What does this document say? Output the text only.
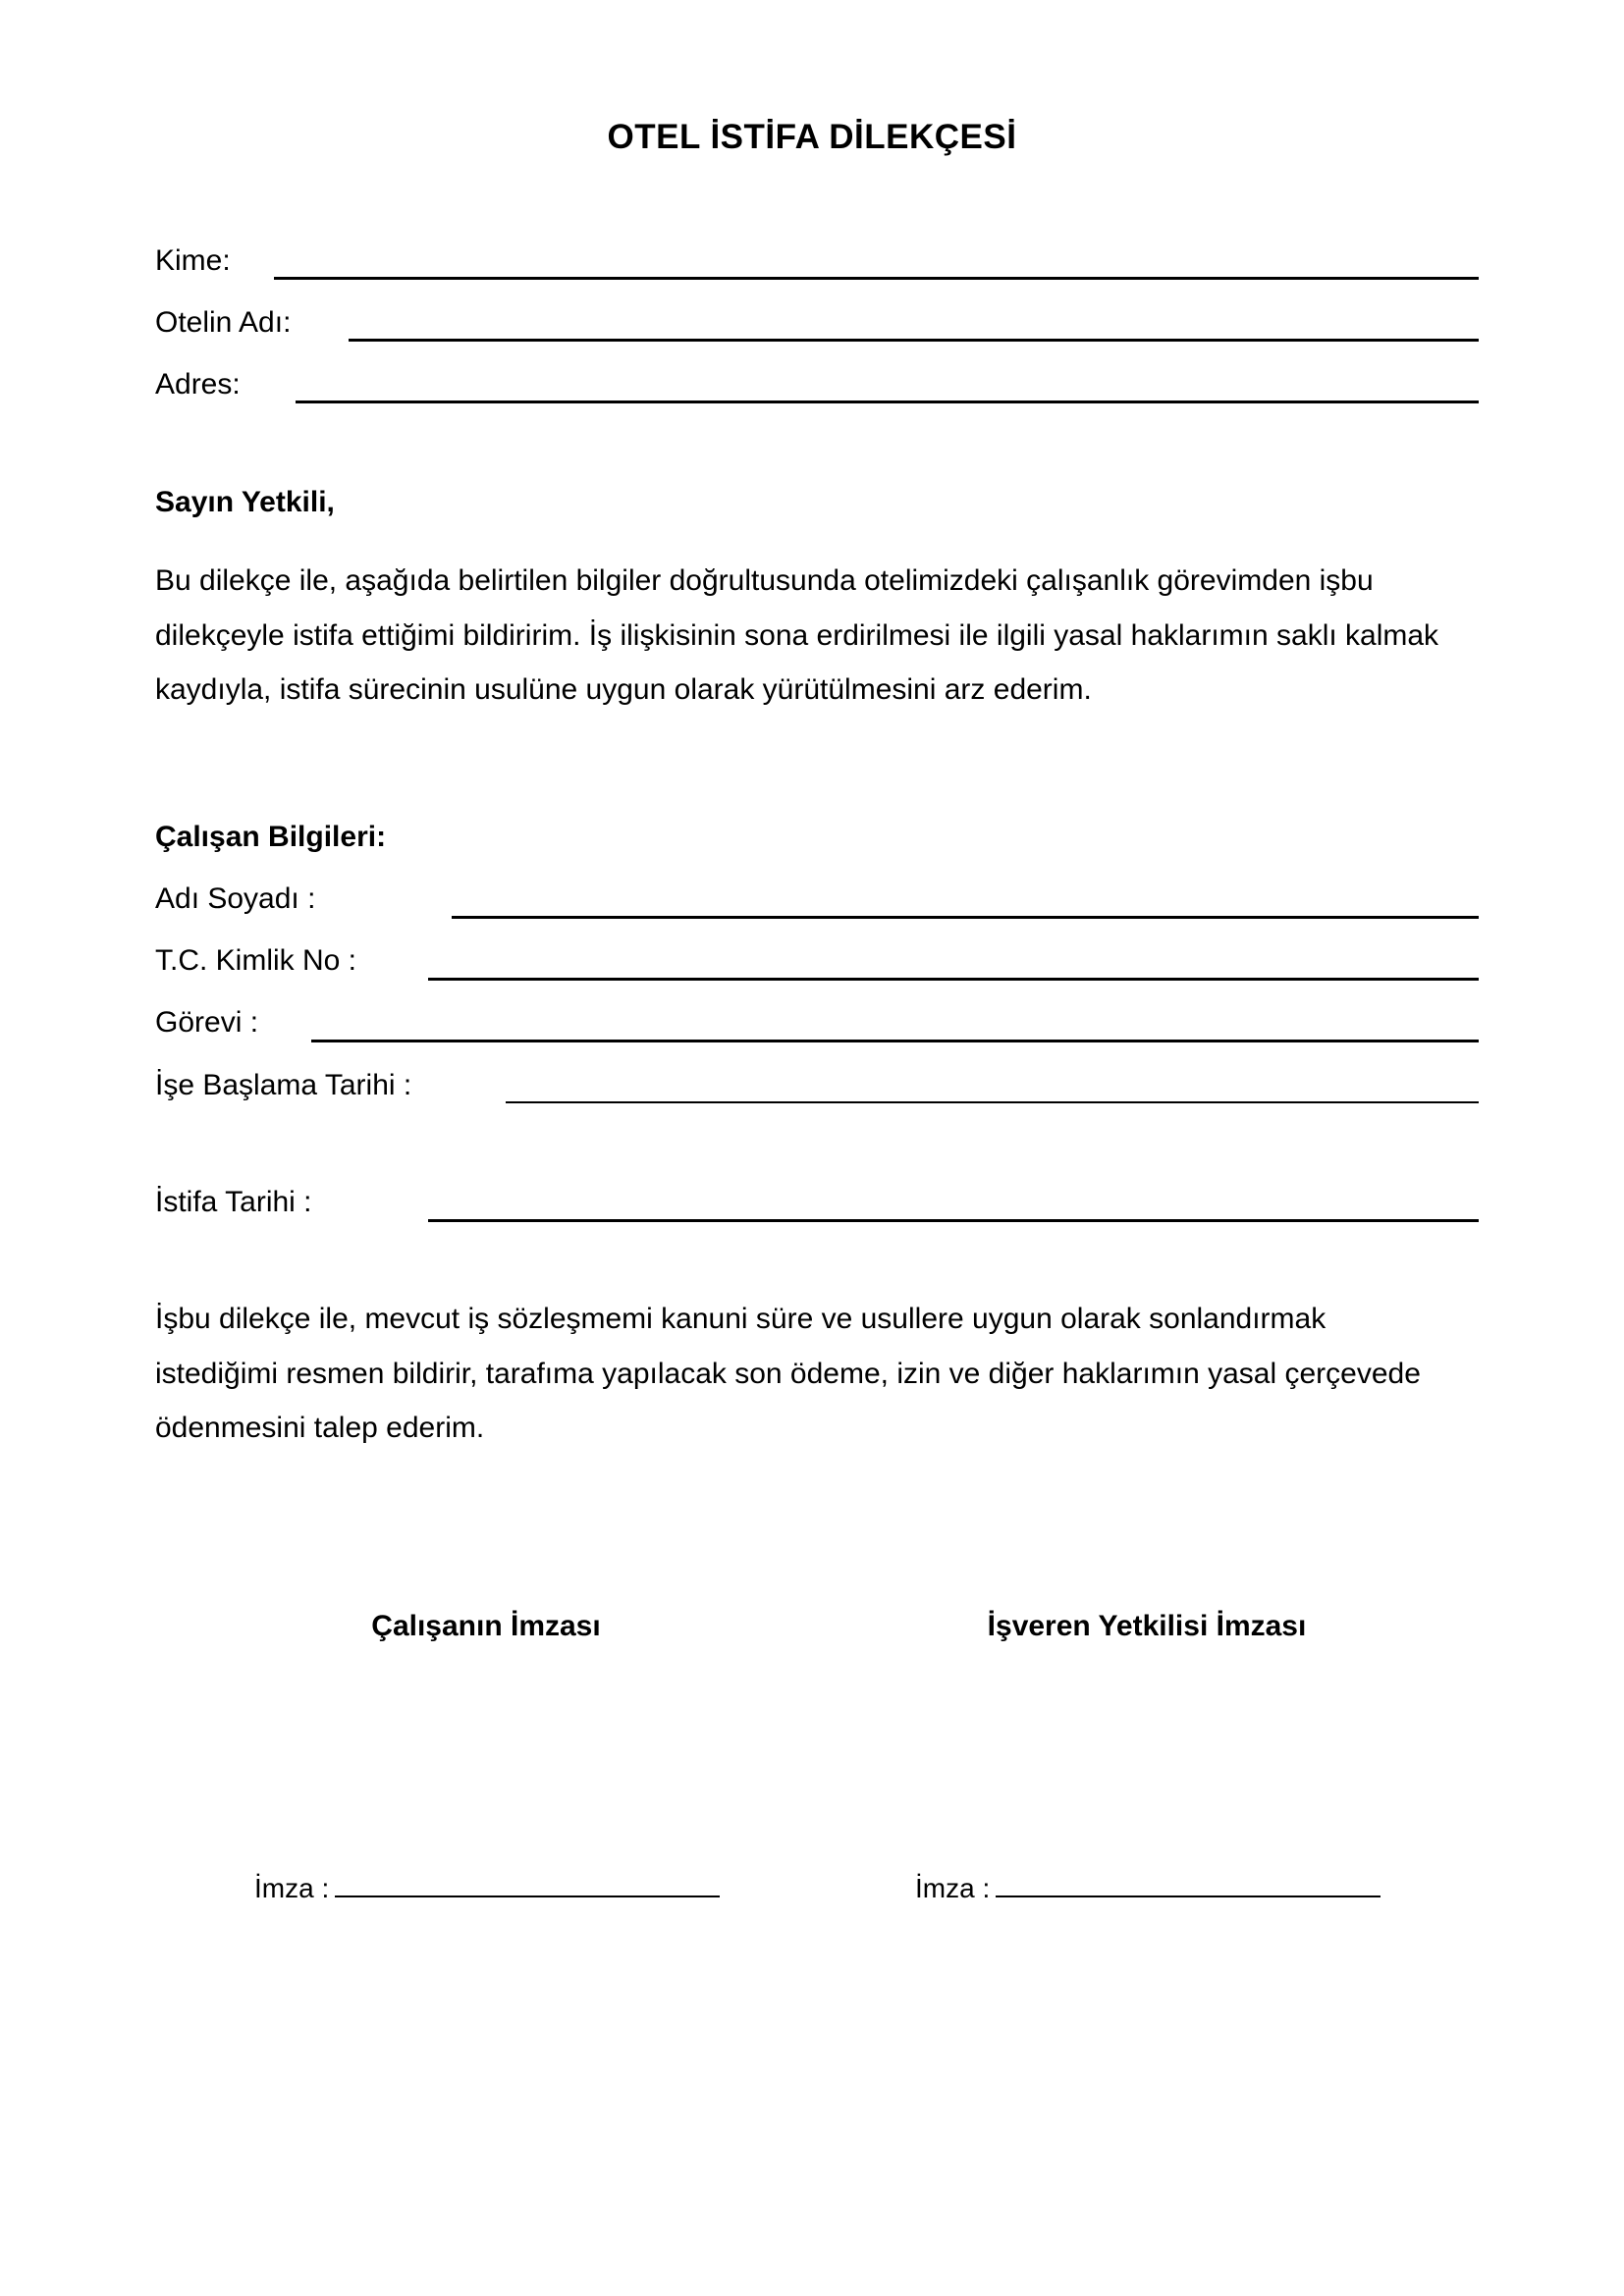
OTEL İSTİFA DİLEKÇESİ
Kime:
Otelin Adı:
Adres:
Sayın Yetkili,

Bu dilekçe ile, aşağıda belirtilen bilgiler doğrultusunda otelimizdeki çalışanlık görevimden işbu

dilekçeyle istifa ettiğimi bildiririm. İş ilişkisinin sona erdirilmesi ile ilgili yasal haklarımın saklı kalmak

kaydıyla, istifa sürecinin usulüne uygun olarak yürütülmesini arz ederim.

Çalışan Bilgileri:
Adı Soyadı :
T.C. Kimlik No :
Görevi :
İşe Başlama Tarihi :
İstifa Tarihi :

İşbu dilekçe ile, mevcut iş sözleşmemi kanuni süre ve usullere uygun olarak sonlandırmak

istediğimi resmen bildirir, tarafıma yapılacak son ödeme, izin ve diğer haklarımın yasal çerçevede

ödenmesini talep ederim.

Çalışanın İmzası	İşveren Yetkilisi İmzası
İmza :	İmza :
